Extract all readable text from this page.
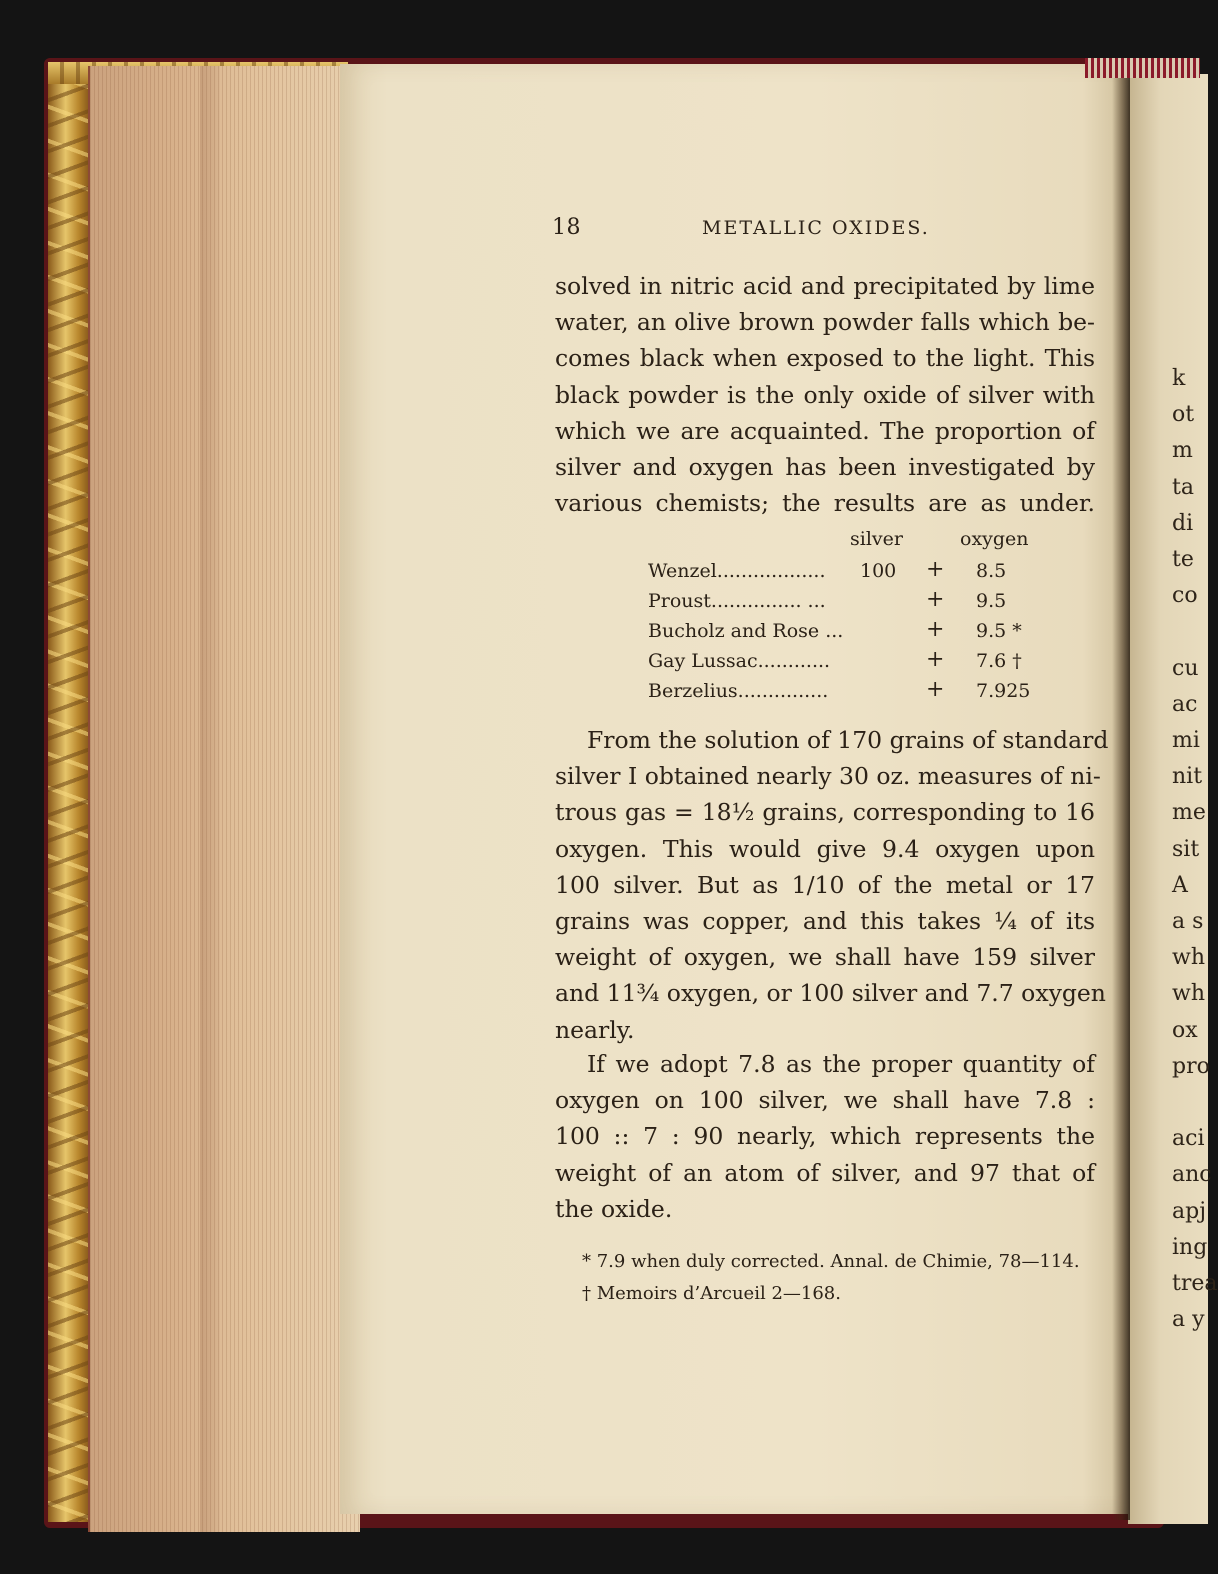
18	METALLIC OXIDES.

solved in nitric acid and precipitated by lime
water, an olive brown powder falls which be-
comes black when exposed to the light. This
black powder is the only oxide of silver with
which we are acquainted. The proportion of
silver and oxygen has been investigated by
various chemists; the results are as under.

silver	oxygen
Wenzel.................. 100 + 8.5
Proust............... ...	+ 9.5
Bucholz and Rose ...	+ 9.5 *
Gay Lussac............	+ 7.6 †
Berzelius...............	+ 7.925

From the solution of 170 grains of standard
silver I obtained nearly 30 oz. measures of ni-
trous gas = 18½ grains, corresponding to 16
oxygen. This would give 9.4 oxygen upon
100 silver. But as 1/10 of the metal or 17
grains was copper, and this takes ¼ of its
weight of oxygen, we shall have 159 silver
and 11¾ oxygen, or 100 silver and 7.7 oxygen
nearly.

If we adopt 7.8 as the proper quantity of
oxygen on 100 silver, we shall have 7.8 :
100 :: 7 : 90 nearly, which represents the
weight of an atom of silver, and 97 that of
the oxide.

* 7.9 when duly corrected. Annal. de Chimie, 78—114.
† Memoirs d’Arcueil 2—168.
k
ot
m
ta
di
te
co
cu
ac
mi
nit
me
sit
A
a s
wh
wh
ox
pro
aci
anc
apj
ing
trea
a y
